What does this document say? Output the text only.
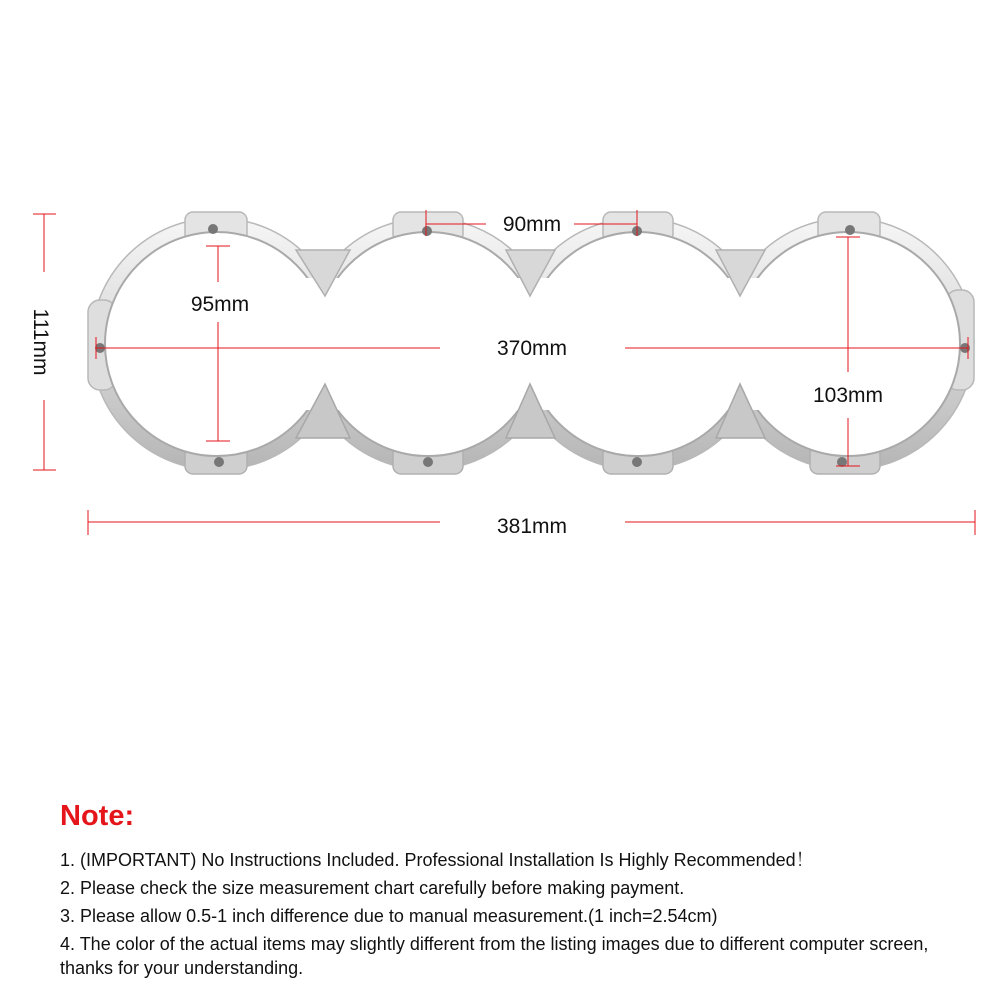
111mm
90mm
95mm
370mm
103mm
381mm
Note:
1. (IMPORTANT) No Instructions Included. Professional Installation Is Highly Recommended！
2. Please check the size measurement chart carefully before making payment.
3. Please allow 0.5-1 inch difference due to manual measurement.(1 inch=2.54cm)
4. The color of the actual items may slightly different from the listing images due to different computer screen, thanks for your understanding.
